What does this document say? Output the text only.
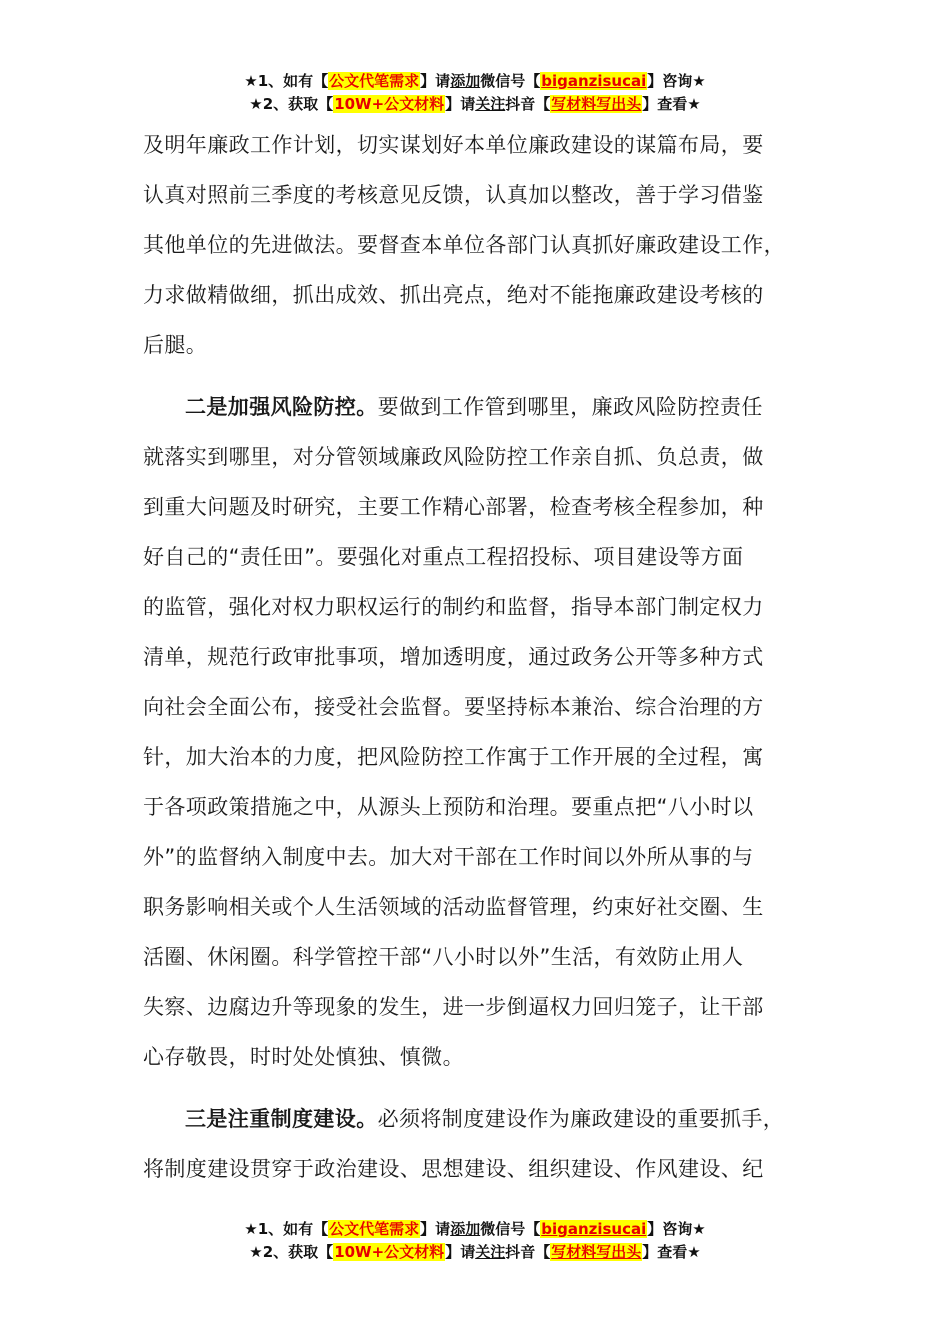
★1、如有【公文代笔需求】请添加微信号【biganzisucai】咨询★
★2、获取【10W+公文材料】请关注抖音【写材料写出头】查看★
及明年廉政工作计划，切实谋划好本单位廉政建设的谋篇布局，要
认真对照前三季度的考核意见反馈，认真加以整改，善于学习借鉴
其他单位的先进做法。要督查本单位各部门认真抓好廉政建设工作，
力求做精做细，抓出成效、抓出亮点，绝对不能拖廉政建设考核的
后腿。
二是加强风险防控。要做到工作管到哪里，廉政风险防控责任
就落实到哪里，对分管领域廉政风险防控工作亲自抓、负总责，做
到重大问题及时研究，主要工作精心部署，检查考核全程参加，种
好自己的“责任田”。要强化对重点工程招投标、项目建设等方面
的监管，强化对权力职权运行的制约和监督，指导本部门制定权力
清单，规范行政审批事项，增加透明度，通过政务公开等多种方式
向社会全面公布，接受社会监督。要坚持标本兼治、综合治理的方
针，加大治本的力度，把风险防控工作寓于工作开展的全过程，寓
于各项政策措施之中，从源头上预防和治理。要重点把“八小时以
外”的监督纳入制度中去。加大对干部在工作时间以外所从事的与
职务影响相关或个人生活领域的活动监督管理，约束好社交圈、生
活圈、休闲圈。科学管控干部“八小时以外”生活，有效防止用人
失察、边腐边升等现象的发生，进一步倒逼权力回归笼子，让干部
心存敬畏，时时处处慎独、慎微。
三是注重制度建设。必须将制度建设作为廉政建设的重要抓手，
将制度建设贯穿于政治建设、思想建设、组织建设、作风建设、纪
★1、如有【公文代笔需求】请添加微信号【biganzisucai】咨询★
★2、获取【10W+公文材料】请关注抖音【写材料写出头】查看★
